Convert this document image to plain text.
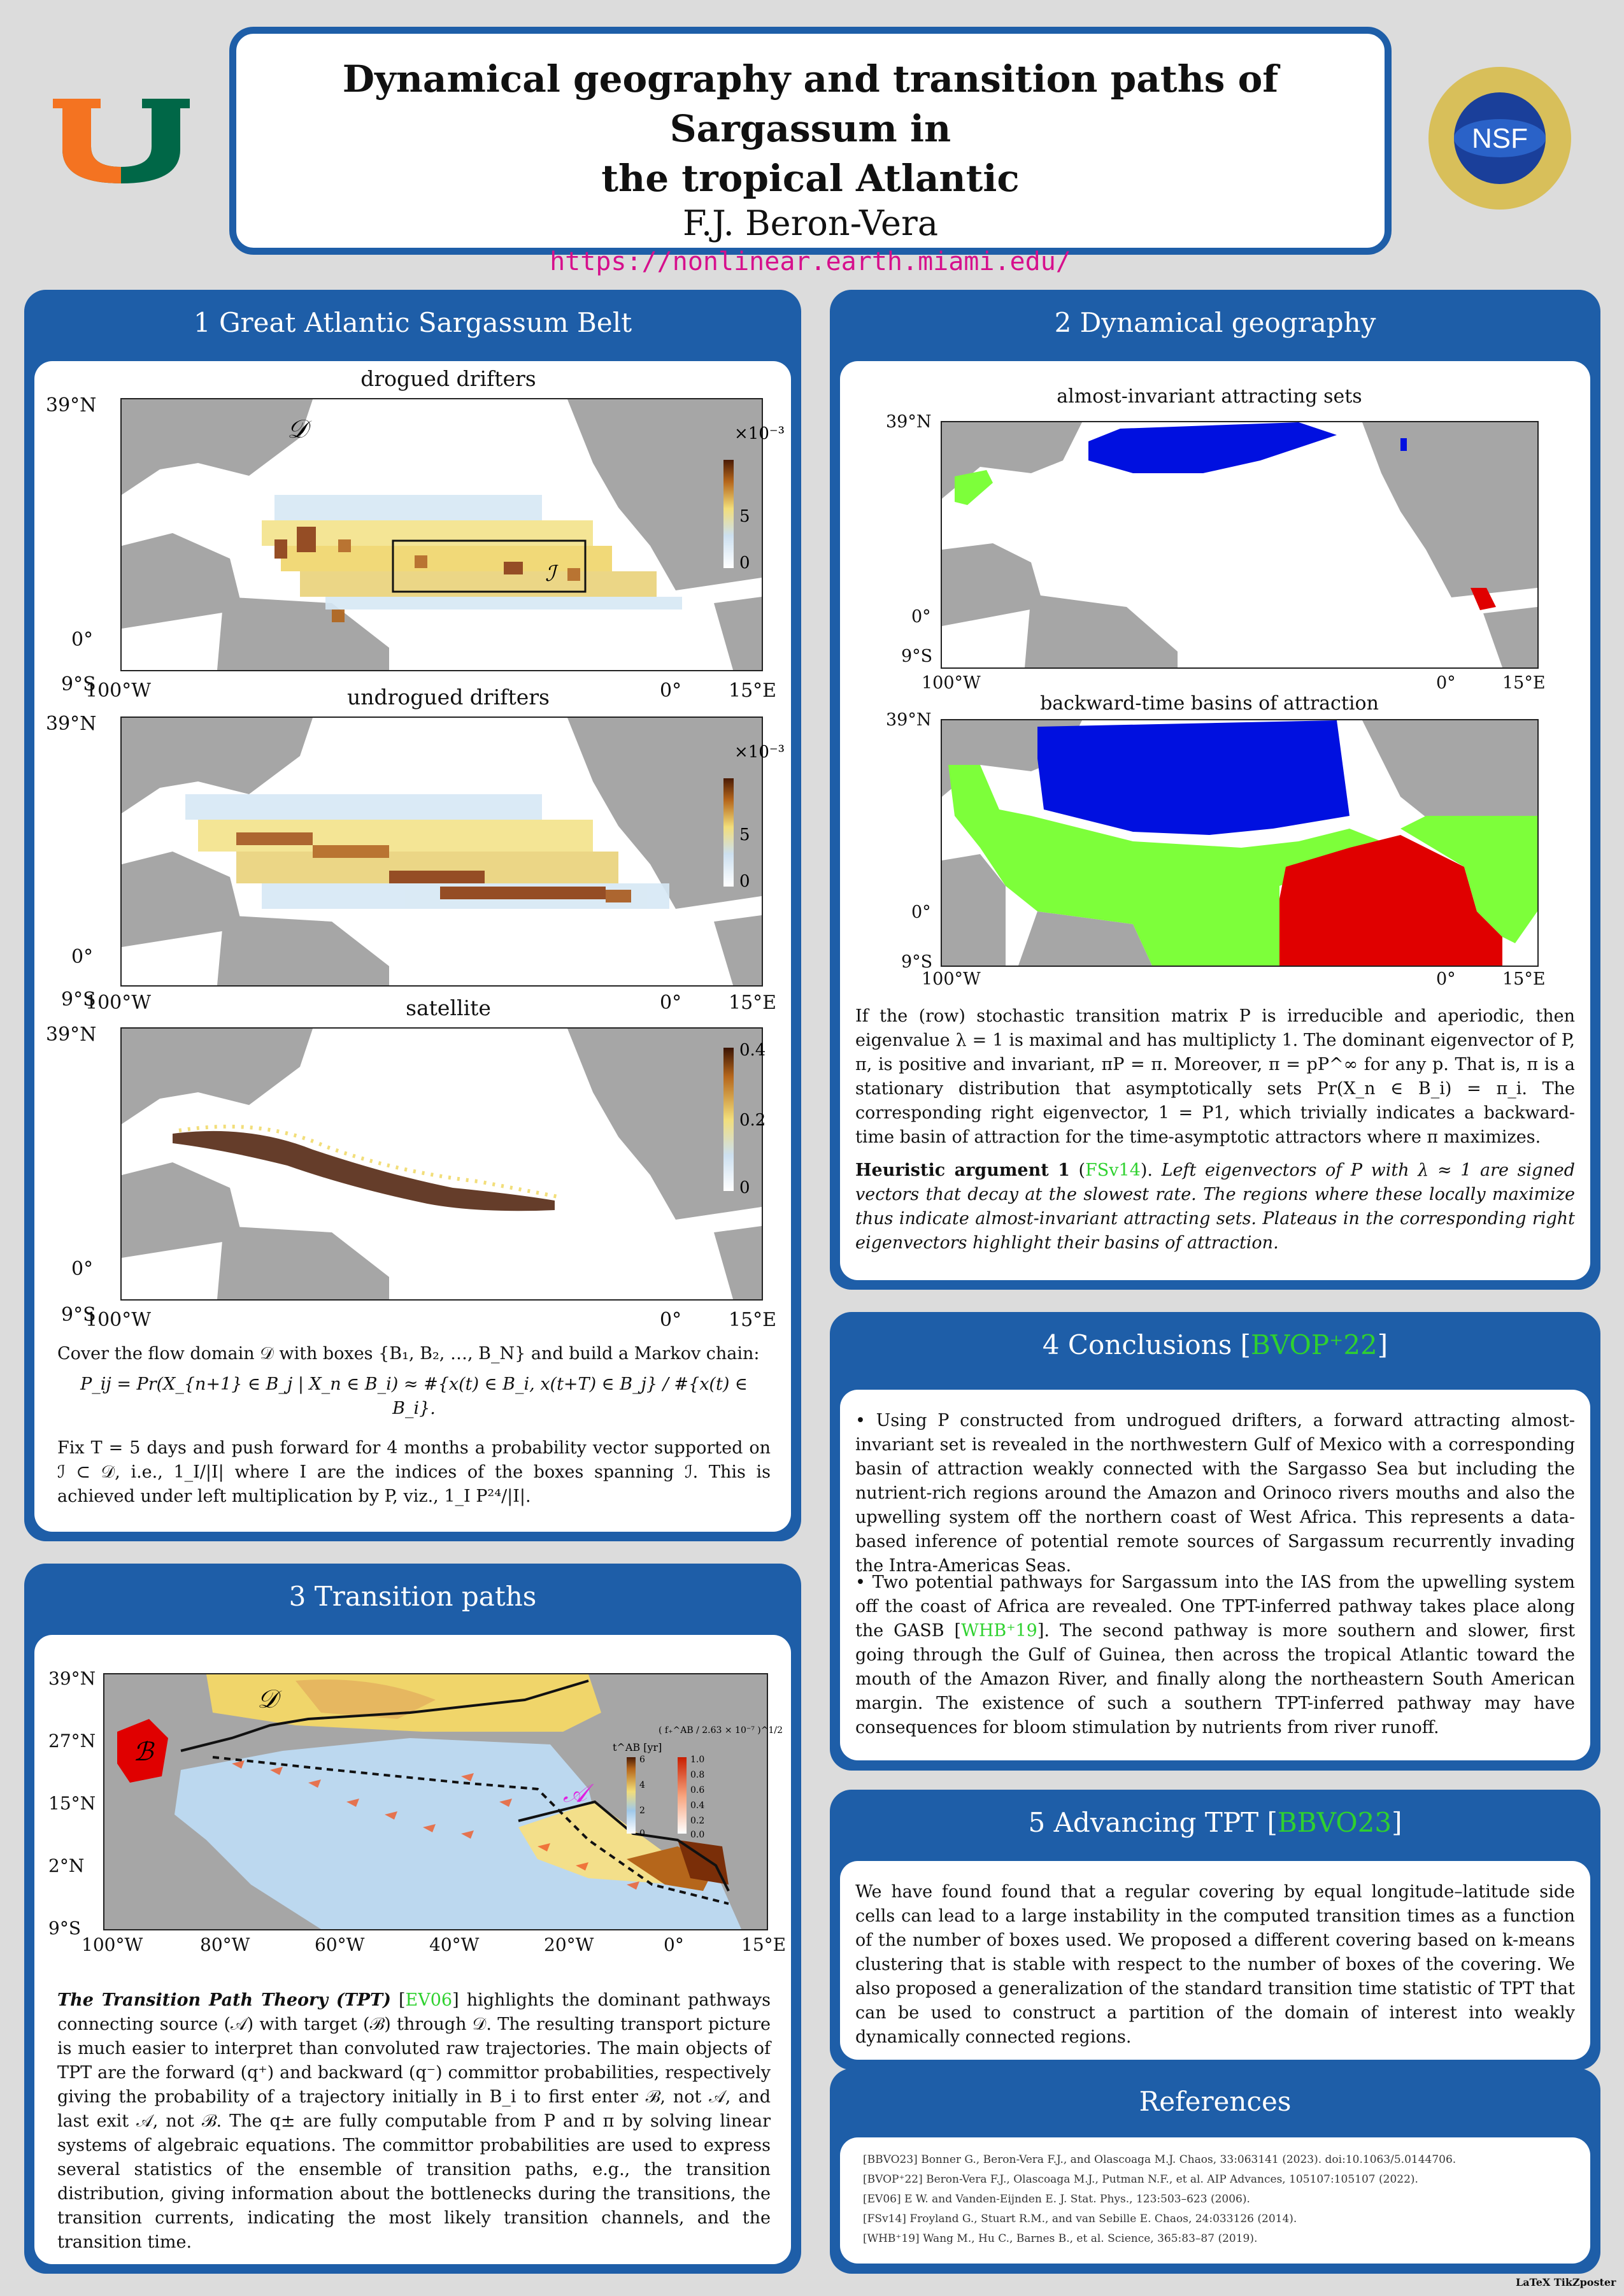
Dynamical geography and transition paths of Sargassum in
the tropical Atlantic
F.J. Beron-Vera
https://nonlinear.earth.miami.edu/
NSF
1 Great Atlantic Sargassum Belt
drogued drifters
39°N
0°
9°S
𝒟
ℐ
×10⁻³
5
0
100°W	0° 15°E
undrogued drifters
39°N
0°
9°S
×10⁻³
5
0
100°W	0° 15°E
satellite
39°N
0°
9°S
0.4
0.2
0
100°W	0° 15°E
Cover the flow domain 𝒟 with boxes {B₁, B₂, …, B_N} and build a Markov chain:
P_ij = Pr(X_{n+1} ∈ B_j | X_n ∈ B_i) ≈ #{x(t) ∈ B_i, x(t+T) ∈ B_j} / #{x(t) ∈ B_i}.
Fix T = 5 days and push forward for 4 months a probability vector supported on ℐ ⊂ 𝒟, i.e., 1_I/|I| where I are the indices of the boxes spanning ℐ. This is achieved under left multiplication by P, viz., 1_I P²⁴/|I|.
2 Dynamical geography
almost-invariant attracting sets
39°N
0°
9°S
100°W	0°	15°E
backward-time basins of attraction
39°N
0°
9°S
100°W	0°	15°E
If the (row) stochastic transition matrix P is irreducible and aperiodic, then eigenvalue λ = 1 is maximal and has multiplicty 1. The dominant eigenvector of P, π, is positive and invariant, πP = π. Moreover, π = pP^∞ for any p. That is, π is a stationary distribution that asymptotically sets Pr(X_n ∈ B_i) = π_i. The corresponding right eigenvector, 1 = P1, which trivially indicates a backward-time basin of attraction for the time-asymptotic attractors where π maximizes.
Heuristic argument 1 (FSv14). Left eigenvectors of P with λ ≈ 1 are signed vectors that decay at the slowest rate. The regions where these locally maximize thus indicate almost-invariant attracting sets. Plateaus in the corresponding right eigenvectors highlight their basins of attraction.
3 Transition paths
39°N
27°N
15°N
2°N
9°S
𝒟
ℬ
𝒜
t^AB [yr]
6
4
2
0
( f₊^AB / 2.63 × 10⁻⁷ )^1/2
1.0
0.8
0.6
0.4
0.2
0.0
100°W	80°W	60°W	40°W	20°W	0°	15°E
The Transition Path Theory (TPT) [EV06] highlights the dominant pathways connecting source (𝒜) with target (ℬ) through 𝒟. The resulting transport picture is much easier to interpret than convoluted raw trajectories. The main objects of TPT are the forward (q⁺) and backward (q⁻) committor probabilities, respectively giving the probability of a trajectory initially in B_i to first enter ℬ, not 𝒜, and last exit 𝒜, not ℬ. The q± are fully computable from P and π by solving linear systems of algebraic equations. The committor probabilities are used to express several statistics of the ensemble of transition paths, e.g., the transition distribution, giving information about the bottlenecks during the transitions, the transition currents, indicating the most likely transition channels, and the transition time.
4 Conclusions [BVOP⁺22]
• Using P constructed from undrogued drifters, a forward attracting almost-invariant set is revealed in the northwestern Gulf of Mexico with a corresponding basin of attraction weakly connected with the Sargasso Sea but including the nutrient-rich regions around the Amazon and Orinoco rivers mouths and also the upwelling system off the northern coast of West Africa. This represents a data-based inference of potential remote sources of Sargassum recurrently invading the Intra-Americas Seas.
• Two potential pathways for Sargassum into the IAS from the upwelling system off the coast of Africa are revealed. One TPT-inferred pathway takes place along the GASB [WHB⁺19]. The second pathway is more southern and slower, first going through the Gulf of Guinea, then across the tropical Atlantic toward the mouth of the Amazon River, and finally along the northeastern South American margin. The existence of such a southern TPT-inferred pathway may have consequences for bloom stimulation by nutrients from river runoff.
5 Advancing TPT [BBVO23]
We have found found that a regular covering by equal longitude–latitude side cells can lead to a large instability in the computed transition times as a function of the number of boxes used. We proposed a different covering based on k-means clustering that is stable with respect to the number of boxes of the covering. We also proposed a generalization of the standard transition time statistic of TPT that can be used to construct a partition of the domain of interest into weakly dynamically connected regions.
References
[BBVO23] Bonner G., Beron-Vera F.J., and Olascoaga M.J. Chaos, 33:063141 (2023). doi:10.1063/5.0144706.
[BVOP⁺22] Beron-Vera F.J., Olascoaga M.J., Putman N.F., et al. AIP Advances, 105107:105107 (2022).
[EV06] E W. and Vanden-Eijnden E. J. Stat. Phys., 123:503–623 (2006).
[FSv14] Froyland G., Stuart R.M., and van Sebille E. Chaos, 24:033126 (2014).
[WHB⁺19] Wang M., Hu C., Barnes B., et al. Science, 365:83–87 (2019).
LaTeX TikZposter
